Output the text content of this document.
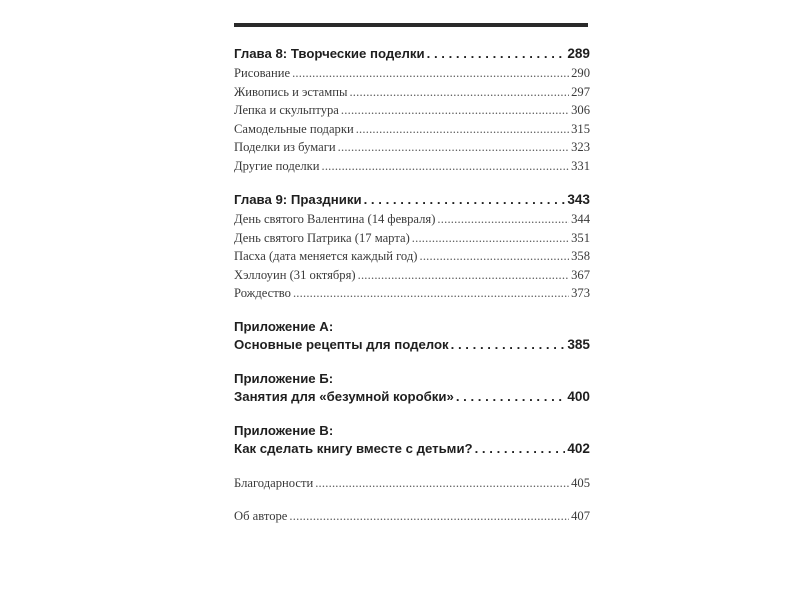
Глава 8: Творческие поделки . . .	289
Рисование .....	290
Живопись и эстампы .....	297
Лепка и скульптура .....	306
Самодельные подарки .....	315
Поделки из бумаги .....	323
Другие поделки .....	331
Глава 9: Праздники . . .	343
День святого Валентина (14 февраля) .....	344
День святого Патрика (17 марта) .....	351
Пасха (дата меняется каждый год) .....	358
Хэллоуин (31 октября) .....	367
Рождество .....	373
Приложение А:
Основные рецепты для поделок . . .	385
Приложение Б:
Занятия для «безумной коробки» . . .	400
Приложение В:
Как сделать книгу вместе с детьми? . . .	402
Благодарности .....	405
Об авторе .....	407
